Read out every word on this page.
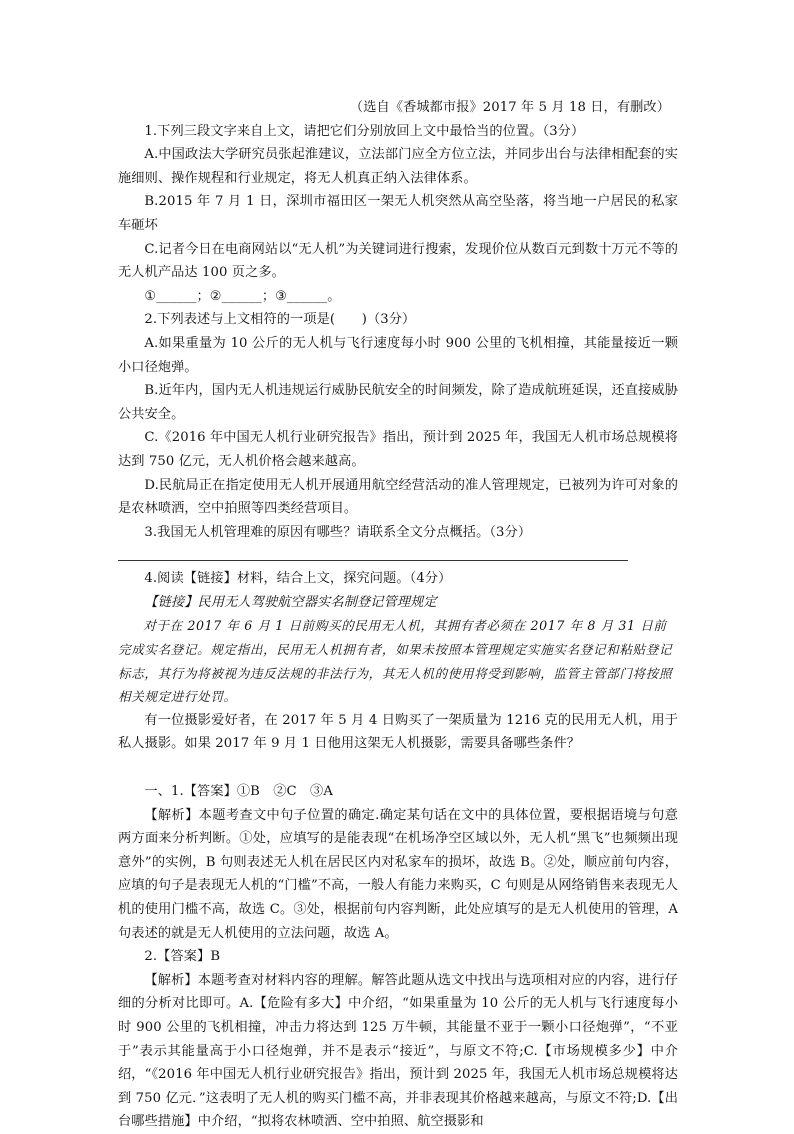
（选自《香城都市报》2017 年 5 月 18 日，有删改）

1.下列三段文字来自上文，请把它们分别放回上文中最恰当的位置。（3分）

A.中国政法大学研究员张起淮建议，立法部门应全方位立法，并同步出台与法律相配套的实施细则、操作规程和行业规定，将无人机真正纳入法律体系。

B.2015 年 7 月 1 日，深圳市福田区一架无人机突然从高空坠落，将当地一户居民的私家车砸坏

C.记者今日在电商网站以“无人机”为关键词进行搜索，发现价位从数百元到数十万元不等的无人机产品达 100 页之多。

①______；②______；③______。

2.下列表述与上文相符的一项是(　　)（3分）

A.如果重量为 10 公斤的无人机与飞行速度每小时 900 公里的飞机相撞，其能量接近一颗小口径炮弹。

B.近年内，国内无人机违规运行威胁民航安全的时间频发，除了造成航班延误，还直接威胁公共安全。

C.《2016 年中国无人机行业研究报告》指出，预计到 2025 年，我国无人机市场总规模将达到 750 亿元，无人机价格会越来越高。

D.民航局正在指定使用无人机开展通用航空经营活动的准人管理规定，已被列为许可对象的是农林喷洒，空中拍照等四类经营项目。

3.我国无人机管理难的原因有哪些？请联系全文分点概括。（3分）

4.阅读【链接】材料，结合上文，探究问题。（4分）

【链接】民用无人驾驶航空器实名制登记管理规定

对于在 2017 年 6 月 1 日前购买的民用无人机，其拥有者必须在 2017 年 8 月 31 日前完成实名登记。规定指出，民用无人机拥有者，如果未按照本管理规定实施实名登记和粘贴登记标志，其行为将被视为违反法规的非法行为，其无人机的使用将受到影响，监管主管部门将按照相关规定进行处罚。

有一位摄影爱好者，在 2017 年 5 月 4 日购买了一架质量为 1216 克的民用无人机，用于私人摄影。如果 2017 年 9 月 1 日他用这架无人机摄影，需要具备哪些条件？

一、1.【答案】①B　②C　③A

【解析】本题考查文中句子位置的确定.确定某句话在文中的具体位置，要根据语境与句意两方面来分析判断。①处，应填写的是能表现“在机场净空区域以外，无人机“黑飞”也频频出现意外”的实例，B 句则表述无人机在居民区内对私家车的损坏，故选 B。②处，顺应前句内容，应填的句子是表现无人机的“门槛”不高，一般人有能力来购买，C 句则是从网络销售来表现无人机的使用门槛不高，故选 C。③处，根据前句内容判断，此处应填写的是无人机使用的管理，A 句表述的就是无人机使用的立法问题，故选 A。

2.【答案】B

【解析】本题考查对材料内容的理解。解答此题从选文中找出与选项相对应的内容，进行仔细的分析对比即可。A.【危险有多大】中介绍，“如果重量为 10 公斤的无人机与飞行速度每小时 900 公里的飞机相撞，冲击力将达到 125 万牛顿，其能量不亚于一颗小口径炮弹”，“不亚于”表示其能量高于小口径炮弹，并不是表示“接近”，与原文不符;C.【市场规模多少】中介绍，“《2016 年中国无人机行业研究报告》指出，预计到 2025 年，我国无人机市场总规模将达到 750 亿元．”这表明了无人机的购买门槛不高，并非表现其价格越来越高，与原文不符;D.【出台哪些措施】中介绍，“拟将农林喷洒、空中拍照、航空摄影和
